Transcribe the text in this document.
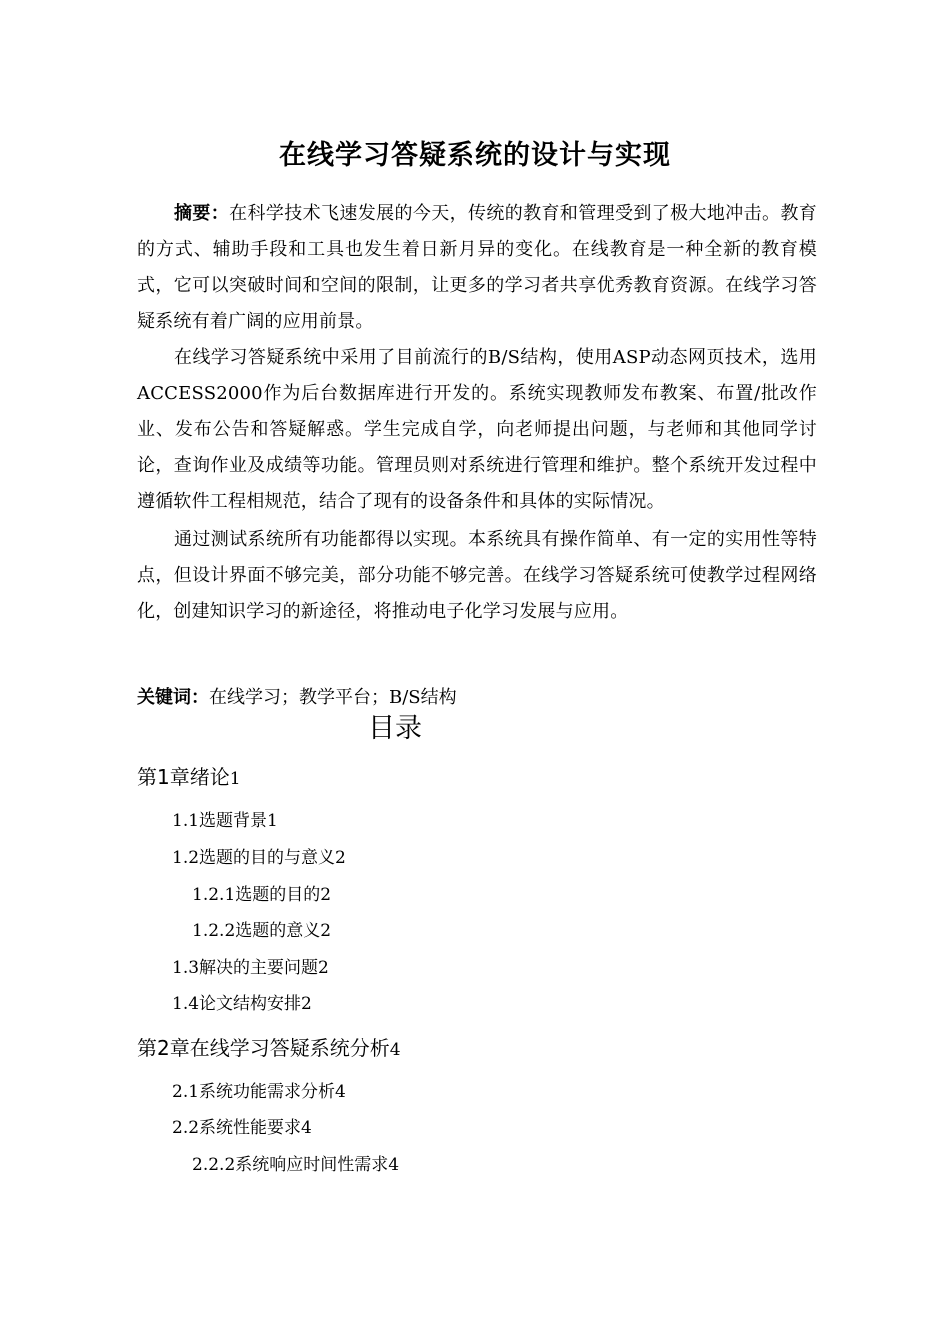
在线学习答疑系统的设计与实现

摘要：在科学技术飞速发展的今天，传统的教育和管理受到了极大地冲击。教育的方式、辅助手段和工具也发生着日新月异的变化。在线教育是一种全新的教育模式，它可以突破时间和空间的限制，让更多的学习者共享优秀教育资源。在线学习答疑系统有着广阔的应用前景。

在线学习答疑系统中采用了目前流行的B/S结构，使用ASP动态网页技术，选用ACCESS2000作为后台数据库进行开发的。系统实现教师发布教案、布置/批改作业、发布公告和答疑解惑。学生完成自学，向老师提出问题，与老师和其他同学讨论，查询作业及成绩等功能。管理员则对系统进行管理和维护。整个系统开发过程中遵循软件工程相规范，结合了现有的设备条件和具体的实际情况。

通过测试系统所有功能都得以实现。本系统具有操作简单、有一定的实用性等特点，但设计界面不够完美，部分功能不够完善。在线学习答疑系统可使教学过程网络化，创建知识学习的新途径，将推动电子化学习发展与应用。

关键词：在线学习；教学平台；B/S结构

目录

第1章绪论1

1.1选题背景1

1.2选题的目的与意义2

1.2.1选题的目的2

1.2.2选题的意义2

1.3解决的主要问题2

1.4论文结构安排2

第2章在线学习答疑系统分析4

2.1系统功能需求分析4

2.2系统性能要求4

2.2.2系统响应时间性需求4
